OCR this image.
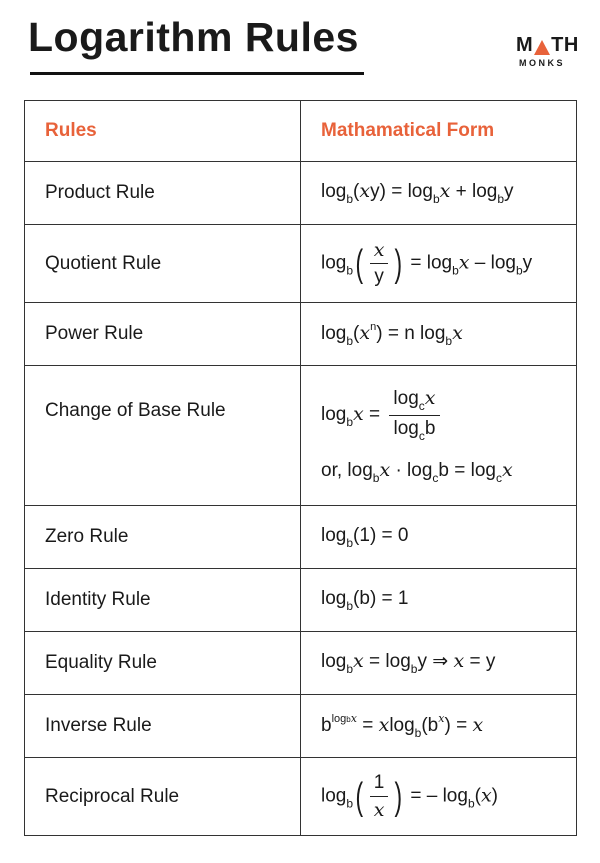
Logarithm Rules	M TH
MONKS
Rules	Mathamatical Form
Product Rule	$\log_b(xy) = \log_bx + \log_by$
Quotient Rule	$\log_b( \frac{x}{y}$ ) = $\log_bx - \log_by$
Power Rule	$\log_b(x^n) = n$ $\log_bx$
Change of Base Rule	$\log_bx = \frac{\log_cx}{\log_cb}$
or, $\log_bx \cdot \log_cb = \log_cx$

Zero Rule	$\log_b(1) = 0$
Identity Rule	$\log_b(b) = 1$
Equality Rule	$\log_bx = \log_by$ ⇒ x = y
Inverse Rule	$b^{logbx} = xlog_b(b^x) = x$
Reciprocal Rule	$\log_b( \frac{1}{x}$ ) = – $\log_b(x)$
